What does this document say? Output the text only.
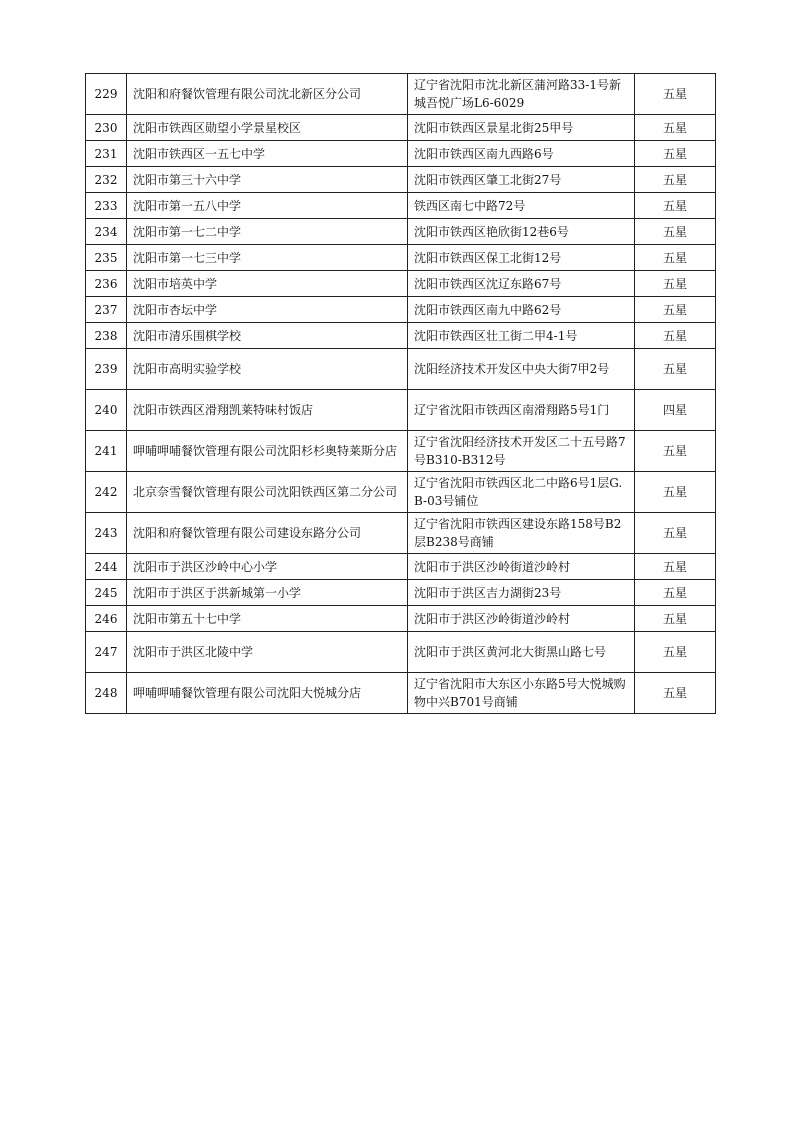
229	沈阳和府餐饮管理有限公司沈北新区分公司	辽宁省沈阳市沈北新区蒲河路33-1号新城吾悦广场L6-6029	五星
230	沈阳市铁西区勋望小学景星校区	沈阳市铁西区景星北街25甲号	五星
231	沈阳市铁西区一五七中学	沈阳市铁西区南九西路6号	五星
232	沈阳市第三十六中学	沈阳市铁西区肇工北街27号	五星
233	沈阳市第一五八中学	铁西区南七中路72号	五星
234	沈阳市第一七二中学	沈阳市铁西区艳欣街12巷6号	五星
235	沈阳市第一七三中学	沈阳市铁西区保工北街12号	五星
236	沈阳市培英中学	沈阳市铁西区沈辽东路67号	五星
237	沈阳市杏坛中学	沈阳市铁西区南九中路62号	五星
238	沈阳市清乐围棋学校	沈阳市铁西区壮工街二甲4-1号	五星
239	沈阳市高明实验学校	沈阳经济技术开发区中央大街7甲2号	五星
240	沈阳市铁西区滑翔凯莱特味村饭店	辽宁省沈阳市铁西区南滑翔路5号1门	四星
241	呷哺呷哺餐饮管理有限公司沈阳杉杉奥特莱斯分店	辽宁省沈阳经济技术开发区二十五号路7号B310-B312号	五星
242	北京奈雪餐饮管理有限公司沈阳铁西区第二分公司	辽宁省沈阳市铁西区北二中路6号1层G.B-03号铺位	五星
243	沈阳和府餐饮管理有限公司建设东路分公司	辽宁省沈阳市铁西区建设东路158号B2层B238号商铺	五星
244	沈阳市于洪区沙岭中心小学	沈阳市于洪区沙岭街道沙岭村	五星
245	沈阳市于洪区于洪新城第一小学	沈阳市于洪区吉力湖街23号	五星
246	沈阳市第五十七中学	沈阳市于洪区沙岭街道沙岭村	五星
247	沈阳市于洪区北陵中学	沈阳市于洪区黄河北大街黑山路七号	五星
248	呷哺呷哺餐饮管理有限公司沈阳大悦城分店	辽宁省沈阳市大东区小东路5号大悦城购物中兴B701号商铺	五星
